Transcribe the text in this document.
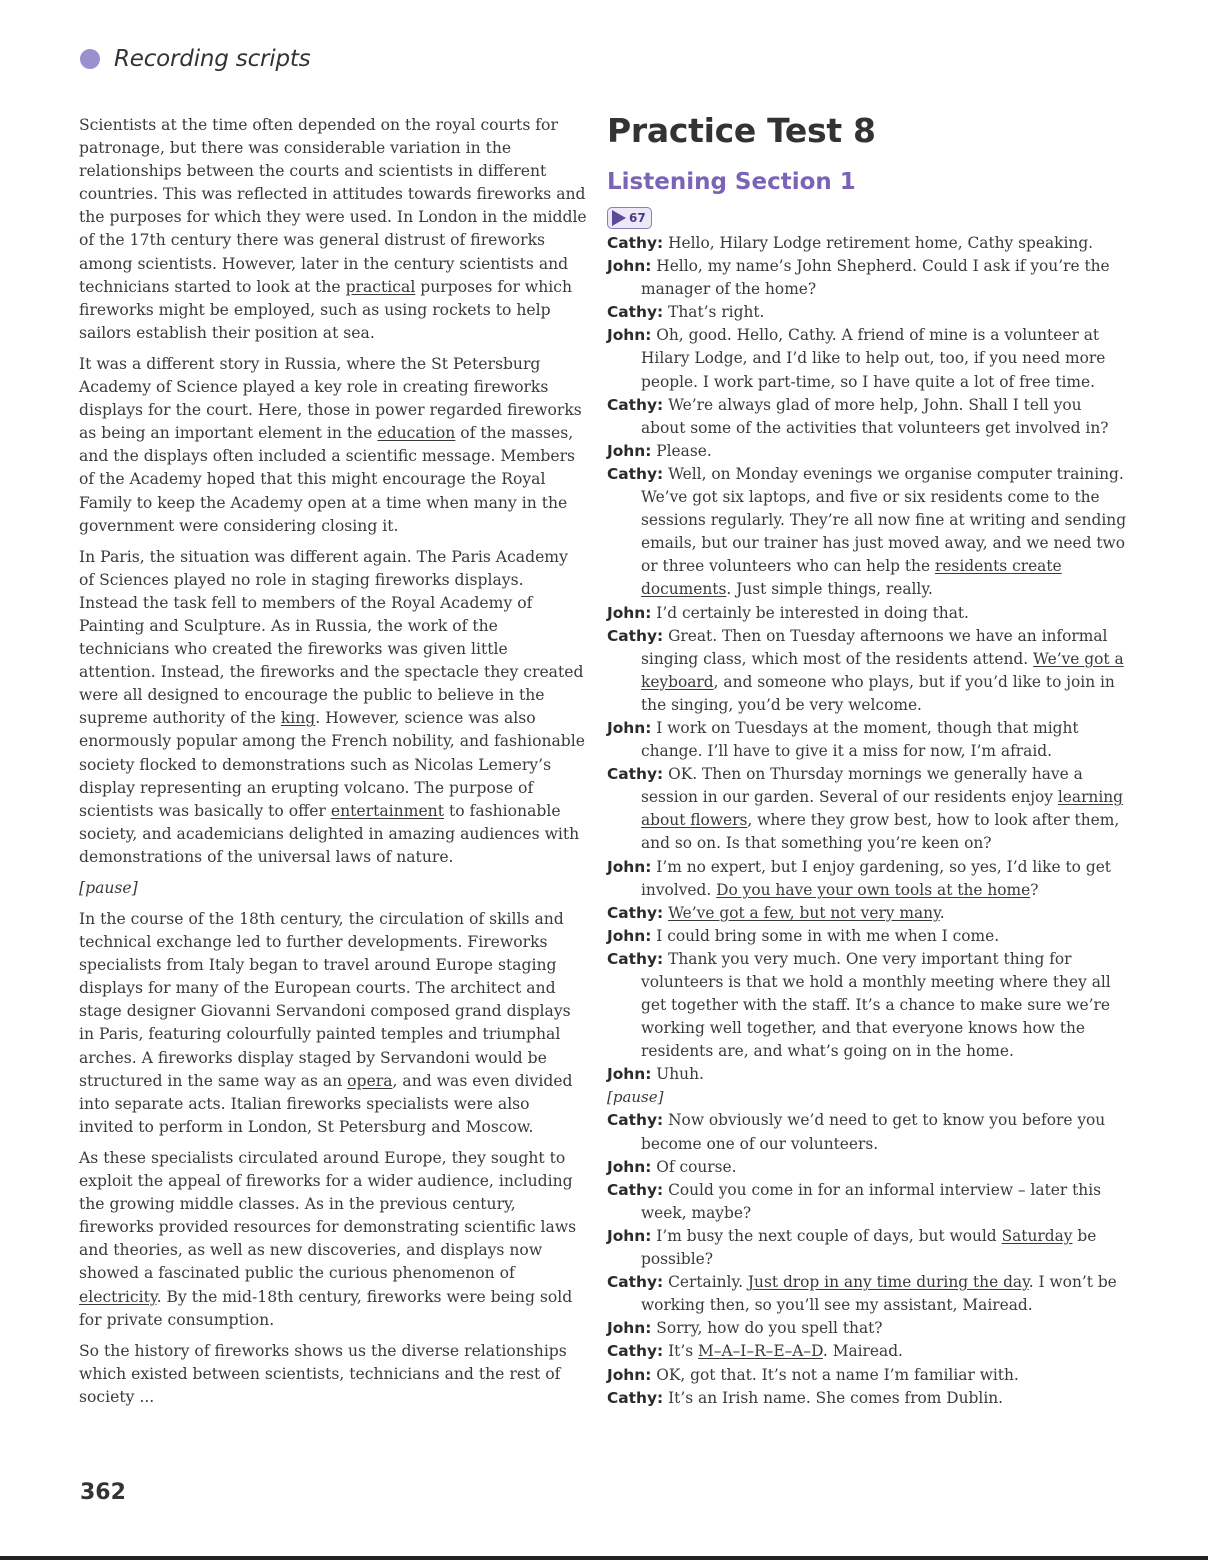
Recording scripts

Scientists at the time often depended on the royal courts for patronage, but there was considerable variation in the relationships between the courts and scientists in different countries. This was reflected in attitudes towards fireworks and the purposes for which they were used. In London in the middle of the 17th century there was general distrust of fireworks among scientists. However, later in the century scientists and technicians started to look at the practical purposes for which fireworks might be employed, such as using rockets to help sailors establish their position at sea.

It was a different story in Russia, where the St Petersburg Academy of Science played a key role in creating fireworks displays for the court. Here, those in power regarded fireworks as being an important element in the education of the masses, and the displays often included a scientific message. Members of the Academy hoped that this might encourage the Royal Family to keep the Academy open at a time when many in the government were considering closing it.

In Paris, the situation was different again. The Paris Academy of Sciences played no role in staging fireworks displays. Instead the task fell to members of the Royal Academy of Painting and Sculpture. As in Russia, the work of the technicians who created the fireworks was given little attention. Instead, the fireworks and the spectacle they created were all designed to encourage the public to believe in the supreme authority of the king. However, science was also enormously popular among the French nobility, and fashionable society flocked to demonstrations such as Nicolas Lemery’s display representing an erupting volcano. The purpose of scientists was basically to offer entertainment to fashionable society, and academicians delighted in amazing audiences with demonstrations of the universal laws of nature.

[pause]

In the course of the 18th century, the circulation of skills and technical exchange led to further developments. Fireworks specialists from Italy began to travel around Europe staging displays for many of the European courts. The architect and stage designer Giovanni Servandoni composed grand displays in Paris, featuring colourfully painted temples and triumphal arches. A fireworks display staged by Servandoni would be structured in the same way as an opera, and was even divided into separate acts. Italian fireworks specialists were also invited to perform in London, St Petersburg and Moscow.

As these specialists circulated around Europe, they sought to exploit the appeal of fireworks for a wider audience, including the growing middle classes. As in the previous century, fireworks provided resources for demonstrating scientific laws and theories, as well as new discoveries, and displays now showed a fascinated public the curious phenomenon of electricity. By the mid-18th century, fireworks were being sold for private consumption.

So the history of fireworks shows us the diverse relationships which existed between scientists, technicians and the rest of society ...

Practice Test 8
Listening Section 1
67

Cathy: Hello, Hilary Lodge retirement home, Cathy speaking.

John: Hello, my name’s John Shepherd. Could I ask if you’re the manager of the home?

Cathy: That’s right.

John: Oh, good. Hello, Cathy. A friend of mine is a volunteer at Hilary Lodge, and I’d like to help out, too, if you need more people. I work part-time, so I have quite a lot of free time.

Cathy: We’re always glad of more help, John. Shall I tell you about some of the activities that volunteers get involved in?

John: Please.

Cathy: Well, on Monday evenings we organise computer training. We’ve got six laptops, and five or six residents come to the sessions regularly. They’re all now fine at writing and sending emails, but our trainer has just moved away, and we need two or three volunteers who can help the residents create documents. Just simple things, really.

John: I’d certainly be interested in doing that.

Cathy: Great. Then on Tuesday afternoons we have an informal singing class, which most of the residents attend. We’ve got a keyboard, and someone who plays, but if you’d like to join in the singing, you’d be very welcome.

John: I work on Tuesdays at the moment, though that might change. I’ll have to give it a miss for now, I’m afraid.

Cathy: OK. Then on Thursday mornings we generally have a session in our garden. Several of our residents enjoy learning about flowers, where they grow best, how to look after them, and so on. Is that something you’re keen on?

John: I’m no expert, but I enjoy gardening, so yes, I’d like to get involved. Do you have your own tools at the home?

Cathy: We’ve got a few, but not very many.

John: I could bring some in with me when I come.

Cathy: Thank you very much. One very important thing for volunteers is that we hold a monthly meeting where they all get together with the staff. It’s a chance to make sure we’re working well together, and that everyone knows how the residents are, and what’s going on in the home.

John: Uhuh.

[pause]

Cathy: Now obviously we’d need to get to know you before you become one of our volunteers.

John: Of course.

Cathy: Could you come in for an informal interview – later this week, maybe?

John: I’m busy the next couple of days, but would Saturday be possible?

Cathy: Certainly. Just drop in any time during the day. I won’t be working then, so you’ll see my assistant, Mairead.

John: Sorry, how do you spell that?

Cathy: It’s M–A–I–R–E–A–D. Mairead.

John: OK, got that. It’s not a name I’m familiar with.

Cathy: It’s an Irish name. She comes from Dublin.

362
